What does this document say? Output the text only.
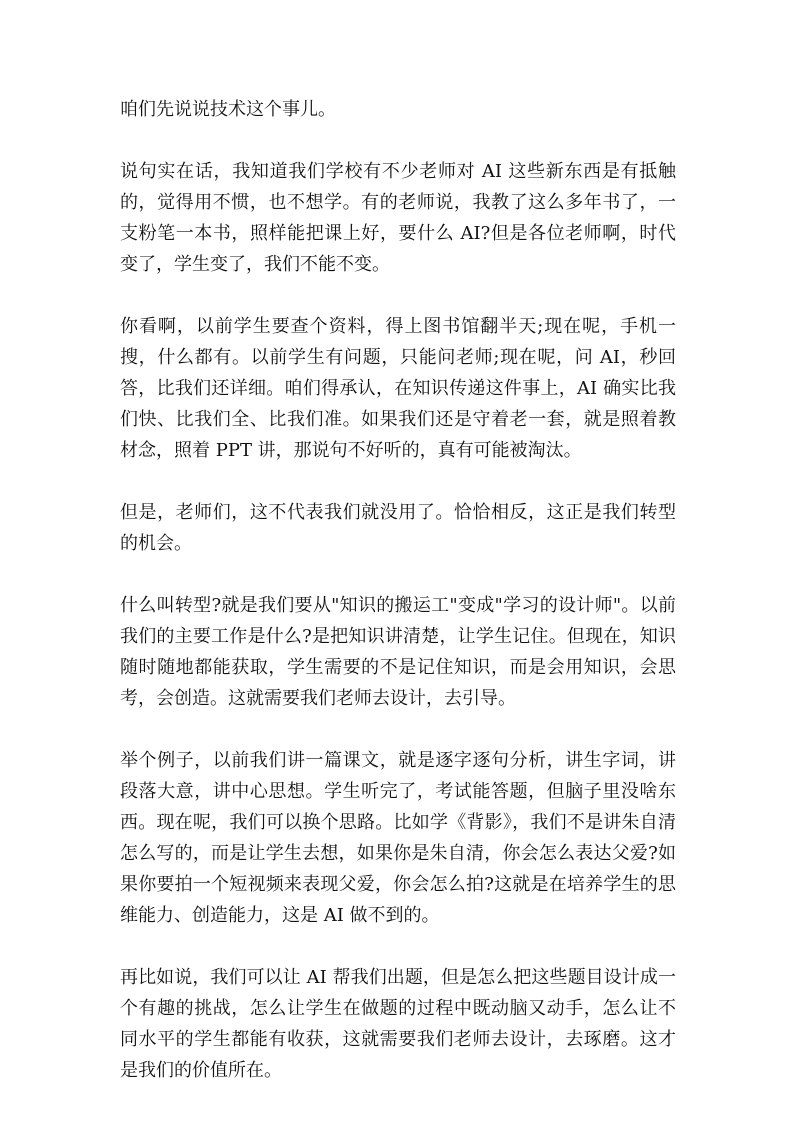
咱们先说说技术这个事儿。

说句实在话，我知道我们学校有不少老师对 AI 这些新东西是有抵触的，觉得用不惯，也不想学。有的老师说，我教了这么多年书了，一支粉笔一本书，照样能把课上好，要什么 AI?但是各位老师啊，时代变了，学生变了，我们不能不变。

你看啊，以前学生要查个资料，得上图书馆翻半天;现在呢，手机一搜，什么都有。以前学生有问题，只能问老师;现在呢，问 AI，秒回答，比我们还详细。咱们得承认，在知识传递这件事上，AI 确实比我们快、比我们全、比我们准。如果我们还是守着老一套，就是照着教材念，照着 PPT 讲，那说句不好听的，真有可能被淘汰。

但是，老师们，这不代表我们就没用了。恰恰相反，这正是我们转型的机会。

什么叫转型?就是我们要从"知识的搬运工"变成"学习的设计师"。以前我们的主要工作是什么?是把知识讲清楚，让学生记住。但现在，知识随时随地都能获取，学生需要的不是记住知识，而是会用知识，会思考，会创造。这就需要我们老师去设计，去引导。

举个例子，以前我们讲一篇课文，就是逐字逐句分析，讲生字词，讲段落大意，讲中心思想。学生听完了，考试能答题，但脑子里没啥东西。现在呢，我们可以换个思路。比如学《背影》，我们不是讲朱自清怎么写的，而是让学生去想，如果你是朱自清，你会怎么表达父爱?如果你要拍一个短视频来表现父爱，你会怎么拍?这就是在培养学生的思维能力、创造能力，这是 AI 做不到的。

再比如说，我们可以让 AI 帮我们出题，但是怎么把这些题目设计成一个有趣的挑战，怎么让学生在做题的过程中既动脑又动手，怎么让不同水平的学生都能有收获，这就需要我们老师去设计，去琢磨。这才是我们的价值所在。
